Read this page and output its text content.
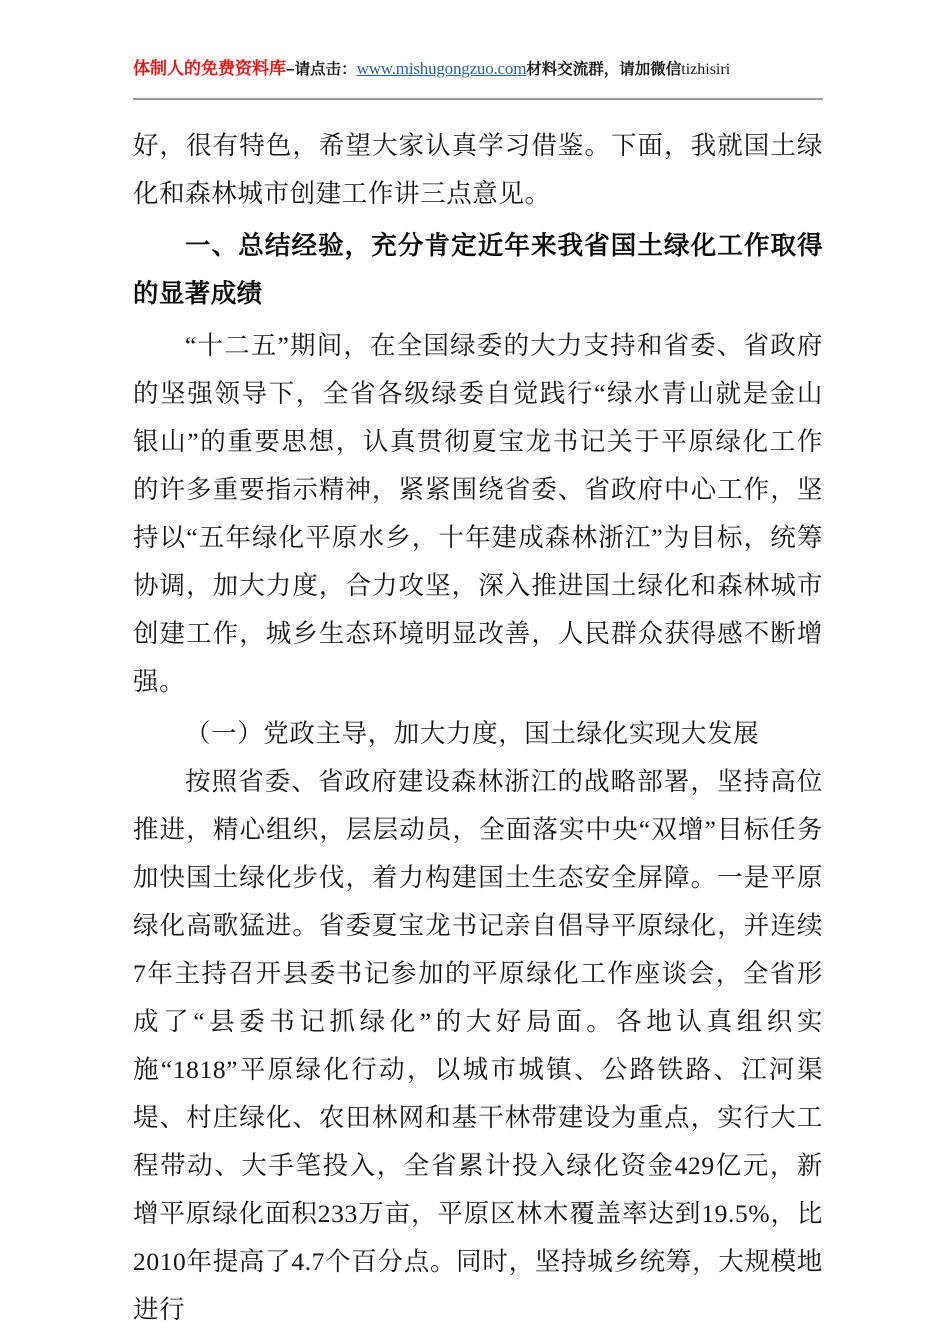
体制人的免费资料库–请点击：www.mishugongzuo.com材料交流群，请加微信tizhisiri

好，很有特色，希望大家认真学习借鉴。下面，我就国土绿化和森林城市创建工作讲三点意见。

一、总结经验，充分肯定近年来我省国土绿化工作取得的显著成绩

“十二五”期间，在全国绿委的大力支持和省委、省政府的坚强领导下，全省各级绿委自觉践行“绿水青山就是金山银山”的重要思想，认真贯彻夏宝龙书记关于平原绿化工作的许多重要指示精神，紧紧围绕省委、省政府中心工作，坚持以“五年绿化平原水乡，十年建成森林浙江”为目标，统筹协调，加大力度，合力攻坚，深入推进国土绿化和森林城市创建工作，城乡生态环境明显改善，人民群众获得感不断增强。

（一）党政主导，加大力度，国土绿化实现大发展

按照省委、省政府建设森林浙江的战略部署，坚持高位推进，精心组织，层层动员，全面落实中央“双增”目标任务加快国土绿化步伐，着力构建国土生态安全屏障。一是平原绿化高歌猛进。省委夏宝龙书记亲自倡导平原绿化，并连续7年主持召开县委书记参加的平原绿化工作座谈会，全省形成了“县委书记抓绿化”的大好局面。各地认真组织实施“1818”平原绿化行动，以城市城镇、公路铁路、江河渠堤、村庄绿化、农田林网和基干林带建设为重点，实行大工程带动、大手笔投入，全省累计投入绿化资金429亿元，新增平原绿化面积233万亩，平原区林木覆盖率达到19.5%，比2010年提高了4.7个百分点。同时，坚持城乡统筹，大规模地进行
